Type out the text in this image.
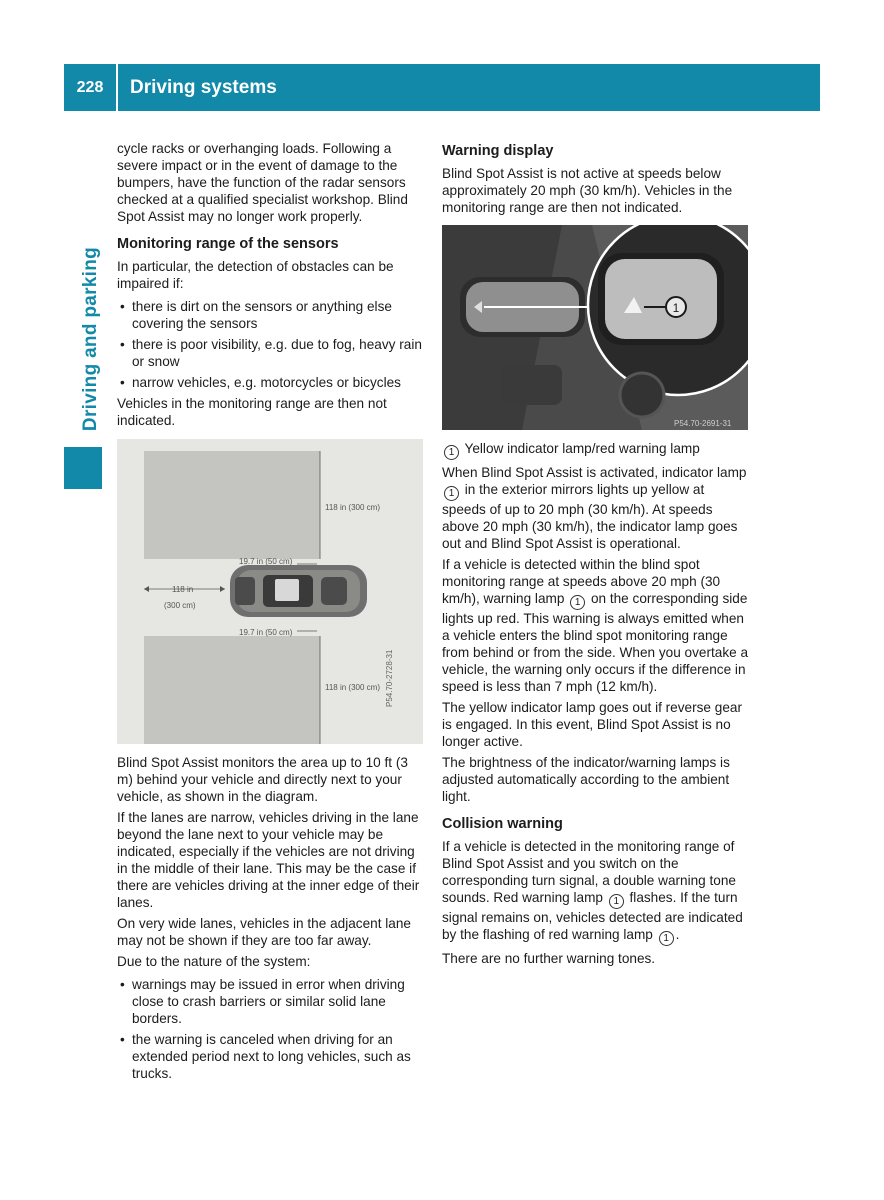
228	Driving systems
Driving and parking

cycle racks or overhanging loads. Following a severe impact or in the event of damage to the bumpers, have the function of the radar sensors checked at a qualified specialist workshop. Blind Spot Assist may no longer work properly.

Monitoring range of the sensors

In particular, the detection of obstacles can be impaired if:

• there is dirt on the sensors or anything else covering the sensors
• there is poor visibility, e.g. due to fog, heavy rain or snow
• narrow vehicles, e.g. motorcycles or bicycles

Vehicles in the monitoring range are then not indicated.

118 in (300 cm)
118 in (300 cm)
19.7 in (50 cm)
19.7 in (50 cm)
118 in
(300 cm)
P54.70-2728-31

Blind Spot Assist monitors the area up to 10 ft (3 m) behind your vehicle and directly next to your vehicle, as shown in the diagram.

If the lanes are narrow, vehicles driving in the lane beyond the lane next to your vehicle may be indicated, especially if the vehicles are not driving in the middle of their lane. This may be the case if there are vehicles driving at the inner edge of their lanes.

On very wide lanes, vehicles in the adjacent lane may not be shown if they are too far away.

Due to the nature of the system:

• warnings may be issued in error when driving close to crash barriers or similar solid lane borders.
• the warning is canceled when driving for an extended period next to long vehicles, such as trucks.
Warning display

Blind Spot Assist is not active at speeds below approximately 20 mph (30 km/h). Vehicles in the monitoring range are then not indicated.

1
P54.70-2691-31

1 Yellow indicator lamp/red warning lamp

When Blind Spot Assist is activated, indicator lamp 1 in the exterior mirrors lights up yellow at speeds of up to 20 mph (30 km/h). At speeds above 20 mph (30 km/h), the indicator lamp goes out and Blind Spot Assist is operational.

If a vehicle is detected within the blind spot monitoring range at speeds above 20 mph (30 km/h), warning lamp 1 on the corresponding side lights up red. This warning is always emitted when a vehicle enters the blind spot monitoring range from behind or from the side. When you overtake a vehicle, the warning only occurs if the difference in speed is less than 7 mph (12 km/h).

The yellow indicator lamp goes out if reverse gear is engaged. In this event, Blind Spot Assist is no longer active.

The brightness of the indicator/warning lamps is adjusted automatically according to the ambient light.

Collision warning

If a vehicle is detected in the monitoring range of Blind Spot Assist and you switch on the corresponding turn signal, a double warning tone sounds. Red warning lamp 1 flashes. If the turn signal remains on, vehicles detected are indicated by the flashing of red warning lamp 1 .

There are no further warning tones.
